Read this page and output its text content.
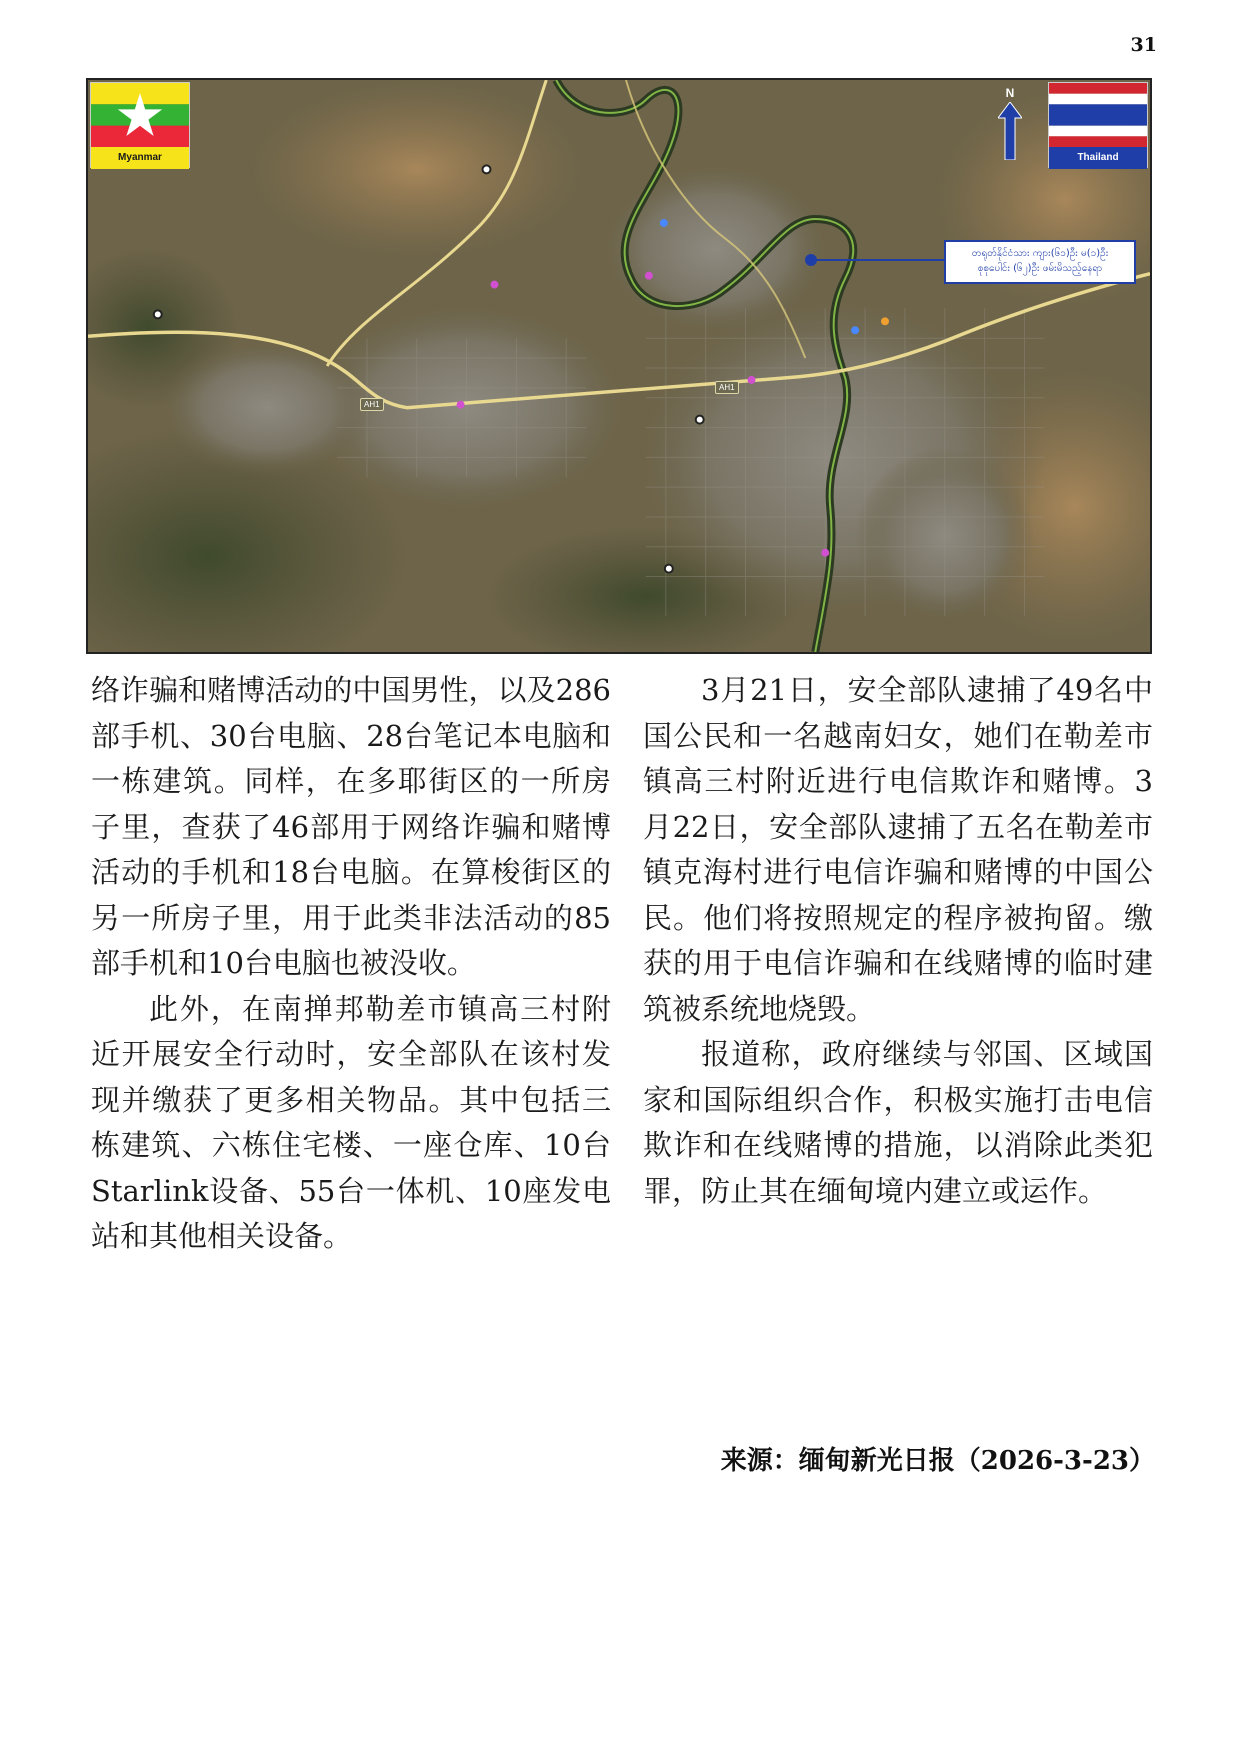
31
Myanmar
N
Thailand
တရုတ်နိုင်ငံသား ကျား(၆၁)ဦး မ(၁)ဦး
စုစုပေါင်း (၆၂)ဦး ဖမ်းမိသည့်နေရာ
AH1
AH1

络诈骗和赌博活动的中国男性，以及286部手机、30台电脑、28台笔记本电脑和一栋建筑。同样，在多耶街区的一所房子里，查获了46部用于网络诈骗和赌博活动的手机和18台电脑。在算梭街区的另一所房子里，用于此类非法活动的85部手机和10台电脑也被没收。

此外，在南掸邦勒差市镇高三村附近开展安全行动时，安全部队在该村发现并缴获了更多相关物品。其中包括三栋建筑、六栋住宅楼、一座仓库、10台Starlink设备、55台一体机、10座发电站和其他相关设备。

3月21日，安全部队逮捕了49名中国公民和一名越南妇女，她们在勒差市镇高三村附近进行电信欺诈和赌博。3月22日，安全部队逮捕了五名在勒差市镇克海村进行电信诈骗和赌博的中国公民。他们将按照规定的程序被拘留。缴获的用于电信诈骗和在线赌博的临时建筑被系统地烧毁。

报道称，政府继续与邻国、区域国家和国际组织合作，积极实施打击电信欺诈和在线赌博的措施，以消除此类犯罪，防止其在缅甸境内建立或运作。

来源：缅甸新光日报（2026-3-23）
